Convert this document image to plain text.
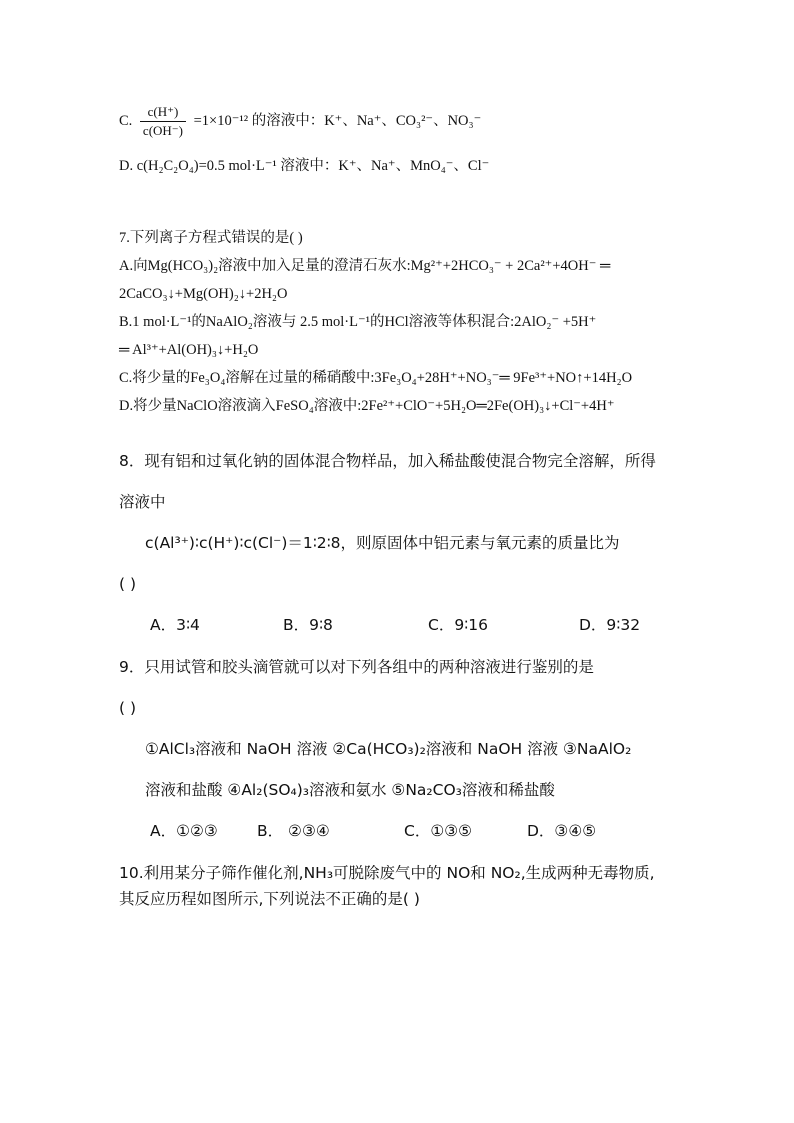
C. $\frac{c(H^+)}{c(OH^-)} =1\times 10^{-12}$ 的溶液中：K⁺、Na⁺、CO₃²⁻、NO₃⁻
D. c(H₂C₂O₄)=0.5 mol·L⁻¹ 溶液中：K⁺、Na⁺、MnO₄⁻、Cl⁻
7.下列离子方程式错误的是( )
A.向Mg(HCO₃)₂溶液中加入足量的澄清石灰水:Mg²⁺+2HCO₃⁻ + 2Ca²⁺+4OH⁻ ═
2CaCO₃↓+Mg(OH)₂↓+2H₂O
B.1 mol·L⁻¹的NaAlO₂溶液与 2.5 mol·L⁻¹的HCl溶液等体积混合:2AlO₂⁻ +5H⁺
═ Al³⁺+Al(OH)₃↓+H₂O
C.将少量的Fe₃O₄溶解在过量的稀硝酸中:3Fe₃O₄+28H⁺+NO₃⁻═ 9Fe³⁺+NO↑+14H₂O
D.将少量NaClO溶液滴入FeSO₄溶液中:2Fe²⁺+ClO⁻+5H₂O═2Fe(OH)₃↓+Cl⁻+4H⁺
8．现有铝和过氧化钠的固体混合物样品，加入稀盐酸使混合物完全溶解，所得
溶液中
c(Al³⁺)∶c(H⁺)∶c(Cl⁻)＝1∶2∶8，则原固体中铝元素与氧元素的质量比为
( )
A．3∶4	B．9∶8	C．9∶16	D．9∶32
9．只用试管和胶头滴管就可以对下列各组中的两种溶液进行鉴别的是
( )
①AlCl₃溶液和 NaOH 溶液 ②Ca(HCO₃)₂溶液和 NaOH 溶液 ③NaAlO₂
溶液和盐酸 ④Al₂(SO₄)₃溶液和氨水 ⑤Na₂CO₃溶液和稀盐酸
A．①②③	B． ②③④	C．①③⑤	D．③④⑤
10.利用某分子筛作催化剂,NH₃可脱除废气中的 NO和 NO₂,生成两种无毒物质,
其反应历程如图所示,下列说法不正确的是( )
